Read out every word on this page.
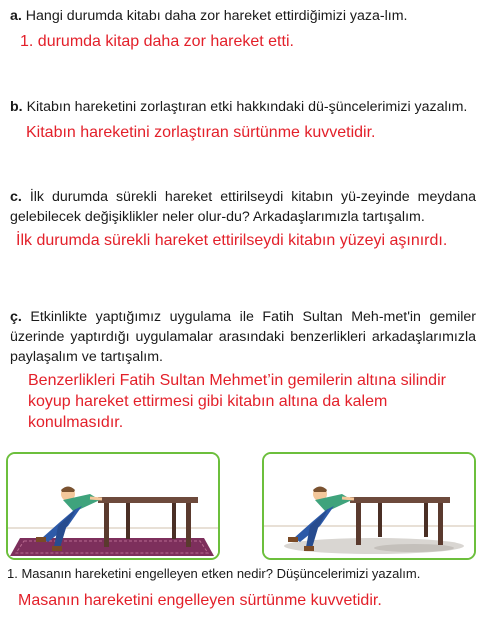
a. Hangi durumda kitabı daha zor hareket ettirdiğimizi yaza-lım.

1. durumda kitap daha zor hareket etti.

b. Kitabın hareketini zorlaştıran etki hakkındaki dü-şüncelerimizi yazalım.

Kitabın hareketini zorlaştıran sürtünme kuvvetidir.

c. İlk durumda sürekli hareket ettirilseydi kitabın yü-zeyinde meydana gelebilecek değişiklikler neler olur-du? Arkadaşlarımızla tartışalım.

İlk durumda sürekli hareket ettirilseydi kitabın yüzeyi aşınırdı.

ç. Etkinlikte yaptığımız uygulama ile Fatih Sultan Meh-met'in gemiler üzerinde yaptırdığı uygulamalar arasındaki benzerlikleri arkadaşlarımızla paylaşalım ve tartışalım.

Benzerlikleri Fatih Sultan Mehmet’in gemilerin altına silindir koyup hareket ettirmesi gibi kitabın altına da kalem konulmasıdır.

1. Masanın hareketini engelleyen etken nedir? Düşüncelerimizi yazalım.

Masanın hareketini engelleyen sürtünme kuvvetidir.
